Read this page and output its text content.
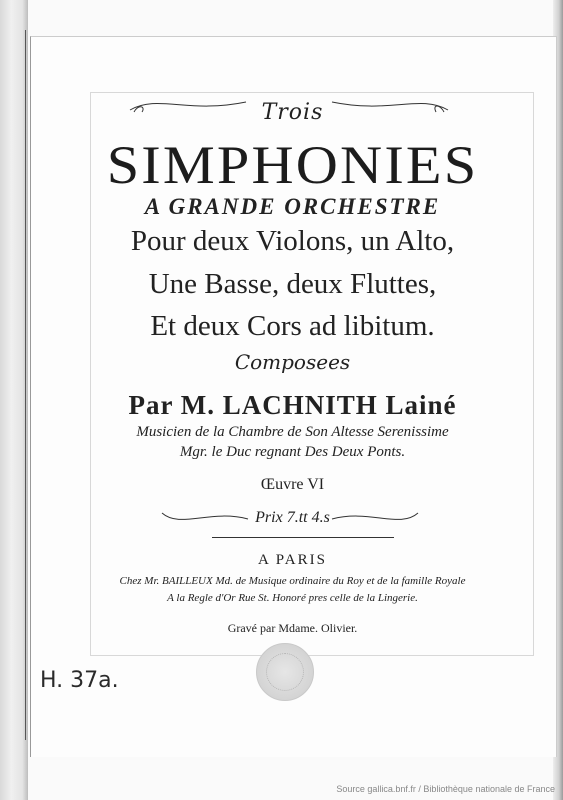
Trois
SIMPHONIES
A GRANDE ORCHESTRE
Pour deux Violons, un Alto,
Une Basse, deux Fluttes,
Et deux Cors ad libitum.
Composees
Par M. LACHNITH Lainé
Musicien de la Chambre de Son Altesse Serenissime
Mgr. le Duc regnant Des Deux Ponts.
Œuvre VI
Prix 7.tt 4.s
A PARIS
Chez Mr. BAILLEUX Md. de Musique ordinaire du Roy et de la famille Royale
A la Regle d'Or Rue St. Honoré pres celle de la Lingerie.
Gravé par Mdame. Olivier.
H. 37a.
Source gallica.bnf.fr / Bibliothèque nationale de France
